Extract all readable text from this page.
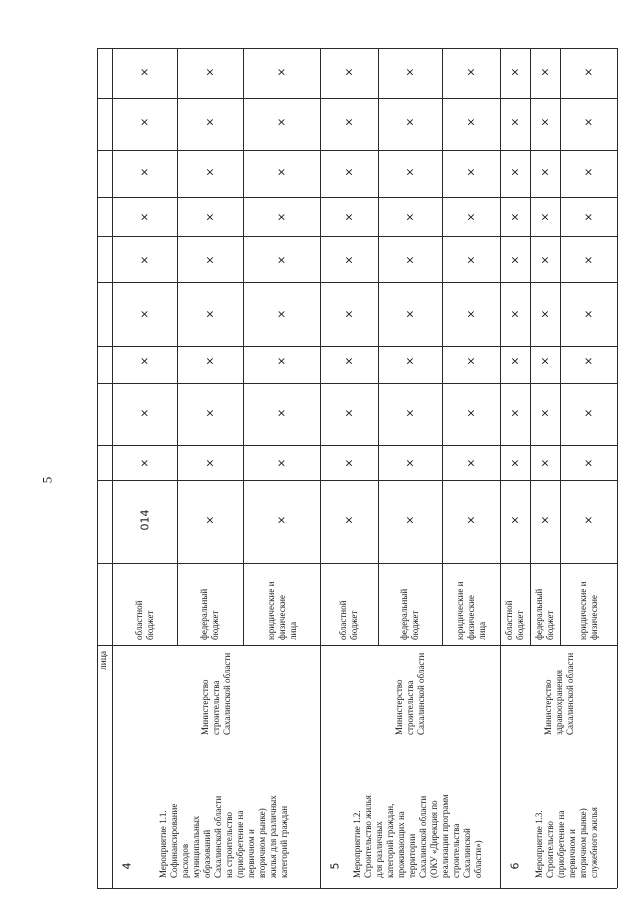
5
лица
4	Мероприятие 1.1.
Софинансирование
расходов
муниципальных
образований
Сахалинской области
на строительство
(приобретение на
первичном и
вторичном рынке)
жилья для различных
категорий граждан
Министерство
строительства
Сахалинской области
областной
бюджет
014
×
×
×
×
×
×
×
×
×
федеральный
бюджет
×
×
×
×
×
×
×
×
×
×
юридические и
физические
лица
×
×
×
×
×
×
×
×
×
×
5 Мероприятие 1.2.
Строительство жилья
для различных
категорий граждан,
проживающих на
территории
Сахалинской области
(ОКУ «Дирекция по
реализации программ
строительства
Сахалинской
области»)
Министерство
строительства
Сахалинской области
областной
бюджет
×
×
×
×
×
×
×
×
×
×
федеральный
бюджет
×
×
×
×
×
×
×
×
×
×
юридические и
физические
лица
×
×
×
×
×
×
×
×
×
×
6	Мероприятие 1.3.
Строительство
(приобретение на
первичном и
вторичном рынке)
служебного жилья
Министерство
здравоохранения
Сахалинской области
областной
бюджет
×
×
×
×
×
×
×
×
×
×
федеральный
бюджет
×
×
×
×
×
×
×
×
×
×
юридические и
физические
×
×
×
×
×
×
×
×
×
×
